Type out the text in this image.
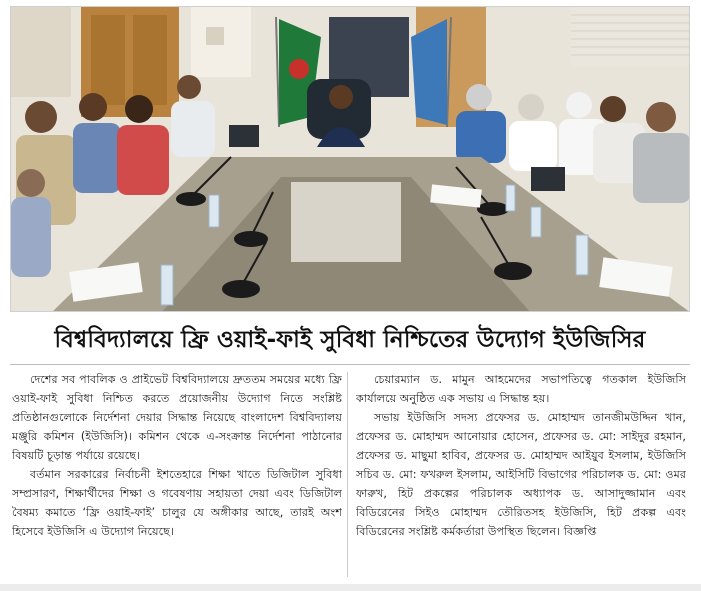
বিশ্ববিদ্যালয়ে ফ্রি ওয়াই-ফাই সুবিধা নিশ্চিতের উদ্যোগ ইউজিসির

দেশের সব পাবলিক ও প্রাইভেট বিশ্ববিদ্যালয়ে দ্রুততম সময়ের মধ্যে ফ্রি ওয়াই-ফাই সুবিধা নিশ্চিত করতে প্রয়োজনীয় উদ্যোগ নিতে সংশ্লিষ্ট প্রতিষ্ঠানগুলোকে নির্দেশনা দেয়ার সিদ্ধান্ত নিয়েছে বাংলাদেশ বিশ্ববিদ্যালয় মঞ্জুরি কমিশন (ইউজিসি)। কমিশন থেকে এ-সংক্রান্ত নির্দেশনা পাঠানোর বিষয়টি চূড়ান্ত পর্যায়ে রয়েছে।

বর্তমান সরকারের নির্বাচনী ইশতেহারে শিক্ষা খাতে ডিজিটাল সুবিধা সম্প্রসারণ, শিক্ষার্থীদের শিক্ষা ও গবেষণায় সহায়তা দেয়া এবং ডিজিটাল বৈষম্য কমাতে ‘ফ্রি ওয়াই-ফাই’ চালুর যে অঙ্গীকার আছে, তারই অংশ হিসেবে ইউজিসি এ উদ্যোগ নিয়েছে।

চেয়ারম্যান ড. মামুন আহমেদের সভাপতিত্বে গতকাল ইউজিসি কার্যালয়ে অনুষ্ঠিত এক সভায় এ সিদ্ধান্ত হয়।

সভায় ইউজিসি সদস্য প্রফেসর ড. মোহাম্মদ তানজীমউদ্দিন খান, প্রফেসর ড. মোহাম্মদ আনোয়ার হোসেন, প্রফেসর ড. মো: সাইদুর রহমান, প্রফেসর ড. মাছুমা হাবিব, প্রফেসর ড. মোহাম্মদ আইয়ুব ইসলাম, ইউজিসি সচিব ড. মো: ফখরুল ইসলাম, আইসিটি বিভাগের পরিচালক ড. মো: ওমর ফারুখ, হিট প্রকল্পের পরিচালক অধ্যাপক ড. আসাদুজ্জামান এবং বিডিরেনের সিইও মোহাম্মদ তৌরিতসহ ইউজিসি, হিট প্রকল্প এবং বিডিরেনের সংশ্লিষ্ট কর্মকর্তারা উপস্থিত ছিলেন। বিজ্ঞপ্তি
